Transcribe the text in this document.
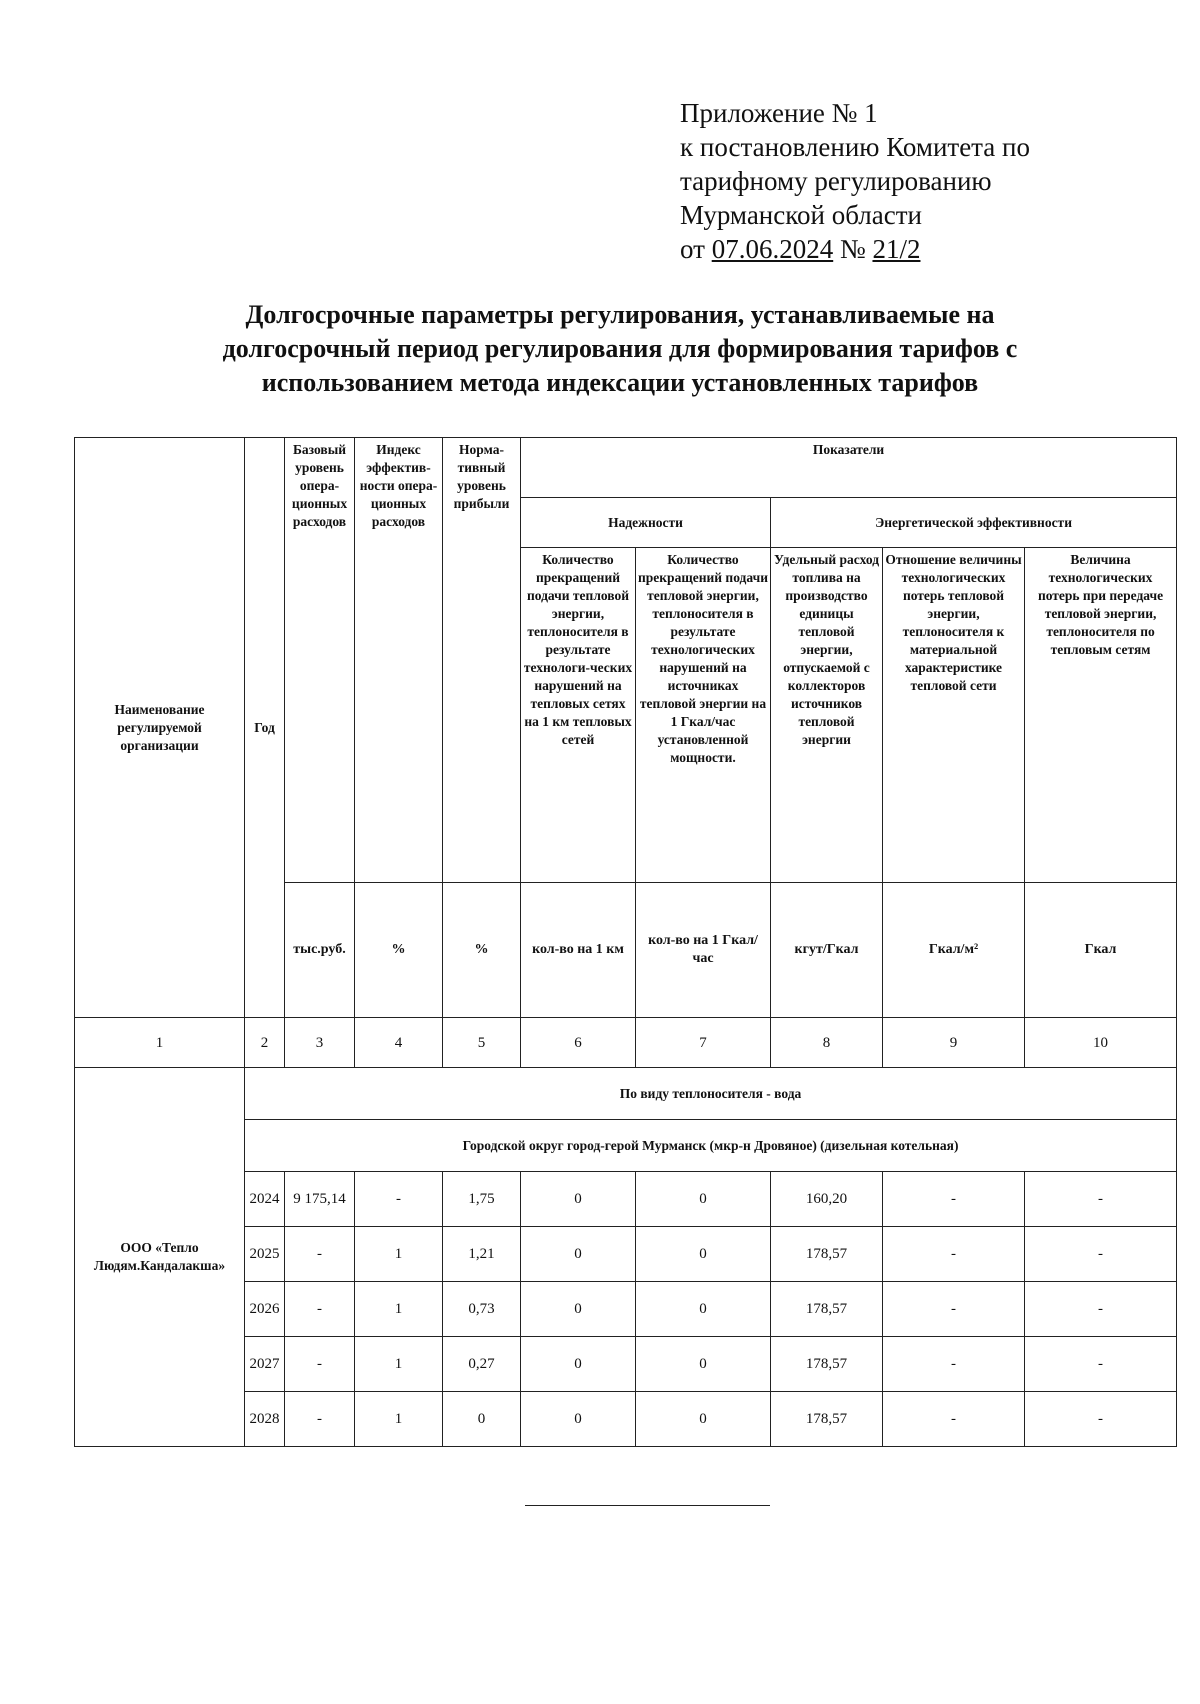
Приложение № 1
к постановлению Комитета по
тарифному регулированию
Мурманской области
от 07.06.2024 № 21/2
Долгосрочные параметры регулирования, устанавливаемые на
долгосрочный период регулирования для формирования тарифов с
использованием метода индексации установленных тарифов
Наименование регулируемой организации	Год	Базовый уровень опера-ционных расходов	Индекс эффектив-ности опера-ционных расходов	Норма-тивный уровень прибыли	Показатели				
					Надежности		Энергетической эффективности		
					Количество прекращений подачи тепловой энергии, теплоносителя в результате технологи-ческих нарушений на тепловых сетях на 1 км тепловых сетей	Количество прекращений подачи тепловой энергии, теплоносителя в результате технологических нарушений на источниках тепловой энергии на 1 Гкал/час установленной мощности.	Удельный расход топлива на производство единицы тепловой энергии, отпускаемой с коллекторов источников тепловой энергии	Отношение величины технологических потерь тепловой энергии, теплоносителя к материальной характеристике тепловой сети	Величина технологических потерь при передаче тепловой энергии, теплоносителя по тепловым сетям
		тыс.руб.	%	%	кол-во на 1 км	кол-во на 1 Гкал/час	кгут/Гкал	Гкал/м²	Гкал
1	2	3	4	5	6	7	8	9	10
ООО «Тепло Людям.Кандалакша»	По виду теплоносителя - вода								
	Городской округ город-герой Мурманск (мкр-н Дровяное) (дизельная котельная)								
	2024	9 175,14	-	1,75	0	0	160,20	-	-
	2025	-	1	1,21	0	0	178,57	-	-
	2026	-	1	0,73	0	0	178,57	-	-
	2027	-	1	0,27	0	0	178,57	-	-
	2028	-	1	0	0	0	178,57	-	-
